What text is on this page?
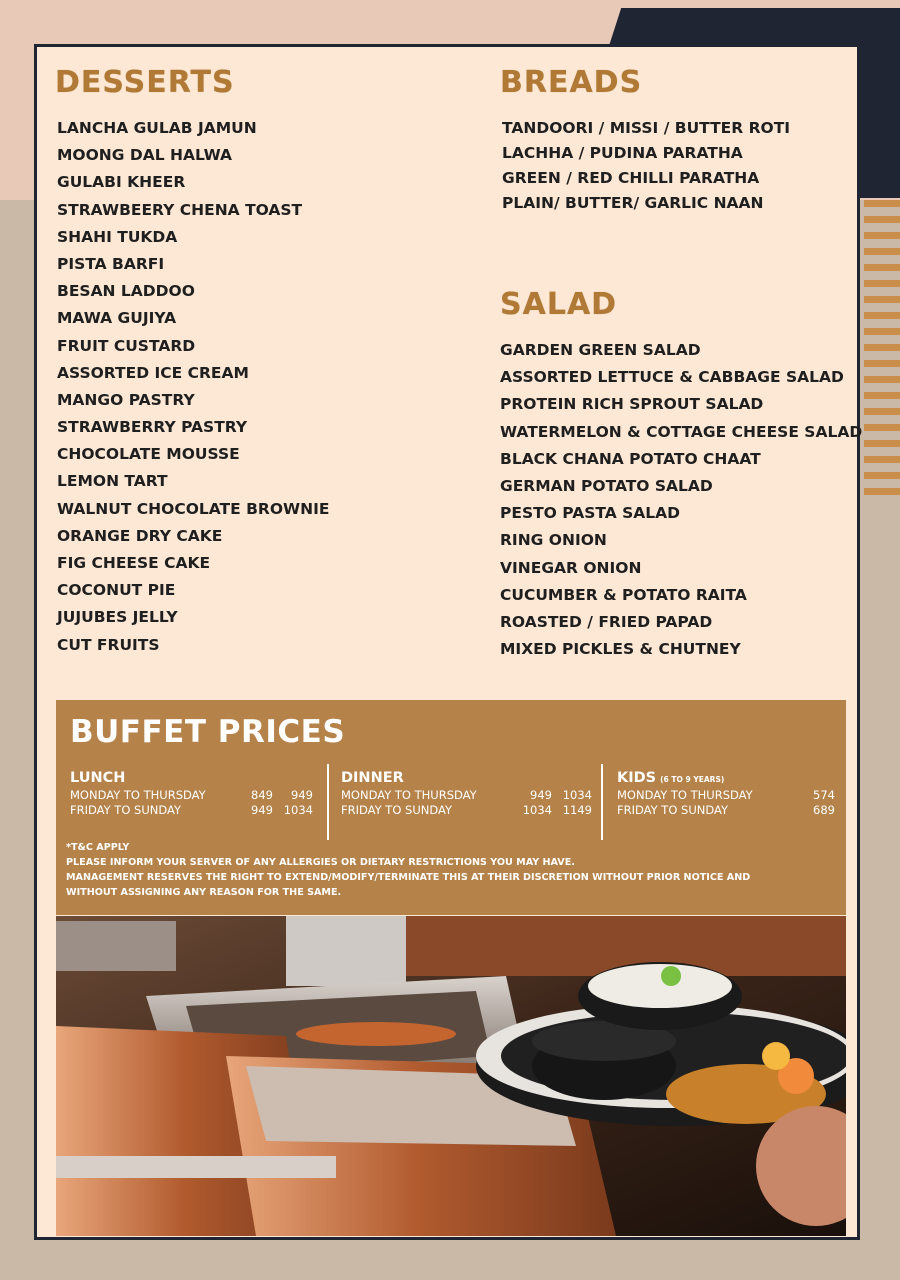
DESSERTS
LANCHA GULAB JAMUN
MOONG DAL HALWA
GULABI KHEER
STRAWBEERY CHENA TOAST
SHAHI TUKDA
PISTA BARFI
BESAN LADDOO
MAWA GUJIYA
FRUIT CUSTARD
ASSORTED ICE CREAM
MANGO PASTRY
STRAWBERRY PASTRY
CHOCOLATE MOUSSE
LEMON TART
WALNUT CHOCOLATE BROWNIE
ORANGE DRY CAKE
FIG CHEESE CAKE
COCONUT PIE
JUJUBES JELLY
CUT FRUITS
BREADS
TANDOORI / MISSI / BUTTER ROTI
LACHHA / PUDINA PARATHA
GREEN / RED CHILLI PARATHA
PLAIN/ BUTTER/ GARLIC NAAN
SALAD
GARDEN GREEN SALAD
ASSORTED LETTUCE & CABBAGE SALAD
PROTEIN RICH SPROUT SALAD
WATERMELON & COTTAGE CHEESE SALAD
BLACK CHANA POTATO CHAAT
GERMAN POTATO SALAD
PESTO PASTA SALAD
RING ONION
VINEGAR ONION
CUCUMBER & POTATO RAITA
ROASTED / FRIED PAPAD
MIXED PICKLES & CHUTNEY
BUFFET PRICES
LUNCH
MONDAY TO THURSDAY	849	949
FRIDAY TO SUNDAY	949 1034
DINNER
MONDAY TO THURSDAY	949 1034
FRIDAY TO SUNDAY	1034 1149
KIDS (6 TO 9 YEARS)
MONDAY TO THURSDAY	574
FRIDAY TO SUNDAY	689
*T&C APPLY
PLEASE INFORM YOUR SERVER OF ANY ALLERGIES OR DIETARY RESTRICTIONS YOU MAY HAVE.
MANAGEMENT RESERVES THE RIGHT TO EXTEND/MODIFY/TERMINATE THIS AT THEIR DISCRETION WITHOUT PRIOR NOTICE AND
WITHOUT ASSIGNING ANY REASON FOR THE SAME.
